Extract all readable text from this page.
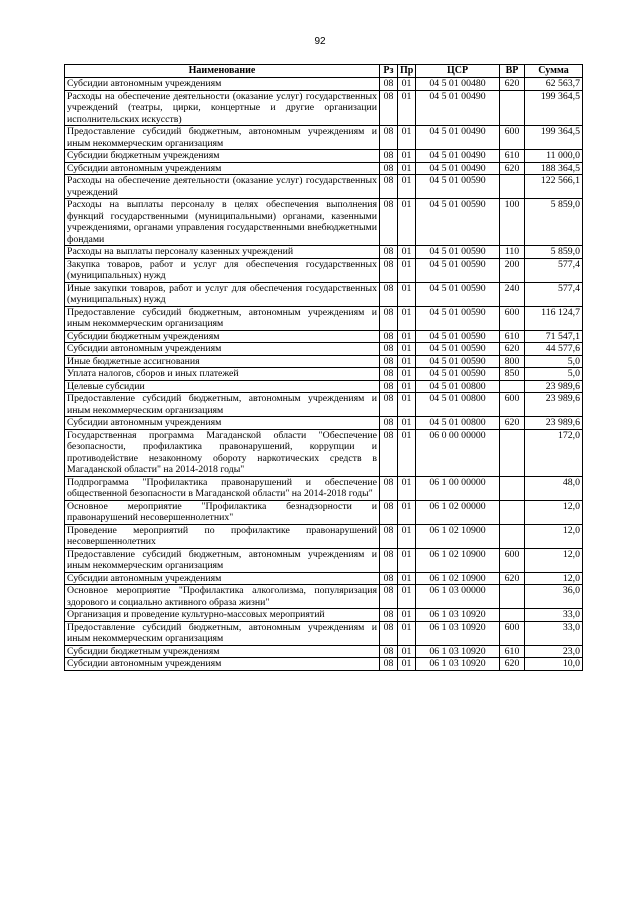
92
Наименование	Рз	Пр	ЦСР	ВР	Сумма
Субсидии автономным учреждениям	08	01	04 5 01 00480	620	62 563,7
Расходы на обеспечение деятельности (оказание услуг) государственных учреждений (театры, цирки, концертные и другие организации исполнительских искусств)	08	01	04 5 01 00490		199 364,5
Предоставление субсидий бюджетным, автономным учреждениям и иным некоммерческим организациям	08	01	04 5 01 00490	600	199 364,5
Субсидии бюджетным учреждениям	08	01	04 5 01 00490	610	11 000,0
Субсидии автономным учреждениям	08	01	04 5 01 00490	620	188 364,5
Расходы на обеспечение деятельности (оказание услуг) государственных учреждений	08	01	04 5 01 00590		122 566,1
Расходы на выплаты персоналу в целях обеспечения выполнения функций государственными (муниципальными) органами, казенными учреждениями, органами управления государственными внебюджетными фондами	08	01	04 5 01 00590	100	5 859,0
Расходы на выплаты персоналу казенных учреждений	08	01	04 5 01 00590	110	5 859,0
Закупка товаров, работ и услуг для обеспечения государственных (муниципальных) нужд	08	01	04 5 01 00590	200	577,4
Иные закупки товаров, работ и услуг для обеспечения государственных (муниципальных) нужд	08	01	04 5 01 00590	240	577,4
Предоставление субсидий бюджетным, автономным учреждениям и иным некоммерческим организациям	08	01	04 5 01 00590	600	116 124,7
Субсидии бюджетным учреждениям	08	01	04 5 01 00590	610	71 547,1
Субсидии автономным учреждениям	08	01	04 5 01 00590	620	44 577,6
Иные бюджетные ассигнования	08	01	04 5 01 00590	800	5,0
Уплата налогов, сборов и иных платежей	08	01	04 5 01 00590	850	5,0
Целевые субсидии	08	01	04 5 01 00800		23 989,6
Предоставление субсидий бюджетным, автономным учреждениям и иным некоммерческим организациям	08	01	04 5 01 00800	600	23 989,6
Субсидии автономным учреждениям	08	01	04 5 01 00800	620	23 989,6
Государственная программа Магаданской области "Обеспечение безопасности, профилактика правонарушений, коррупции и противодействие незаконному обороту наркотических средств в Магаданской области" на 2014-2018 годы"	08	01	06 0 00 00000		172,0
Подпрограмма "Профилактика правонарушений и обеспечение общественной безопасности в Магаданской области" на 2014-2018 годы"	08	01	06 1 00 00000		48,0
Основное мероприятие "Профилактика безнадзорности и правонарушений несовершеннолетних"	08	01	06 1 02 00000		12,0
Проведение мероприятий по профилактике правонарушений несовершеннолетних	08	01	06 1 02 10900		12,0
Предоставление субсидий бюджетным, автономным учреждениям и иным некоммерческим организациям	08	01	06 1 02 10900	600	12,0
Субсидии автономным учреждениям	08	01	06 1 02 10900	620	12,0
Основное мероприятие "Профилактика алкоголизма, популяризация здорового и социально активного образа жизни"	08	01	06 1 03 00000		36,0
Организация и проведение культурно-массовых мероприятий	08	01	06 1 03 10920		33,0
Предоставление субсидий бюджетным, автономным учреждениям и иным некоммерческим организациям	08	01	06 1 03 10920	600	33,0
Субсидии бюджетным учреждениям	08	01	06 1 03 10920	610	23,0
Субсидии автономным учреждениям	08	01	06 1 03 10920	620	10,0
